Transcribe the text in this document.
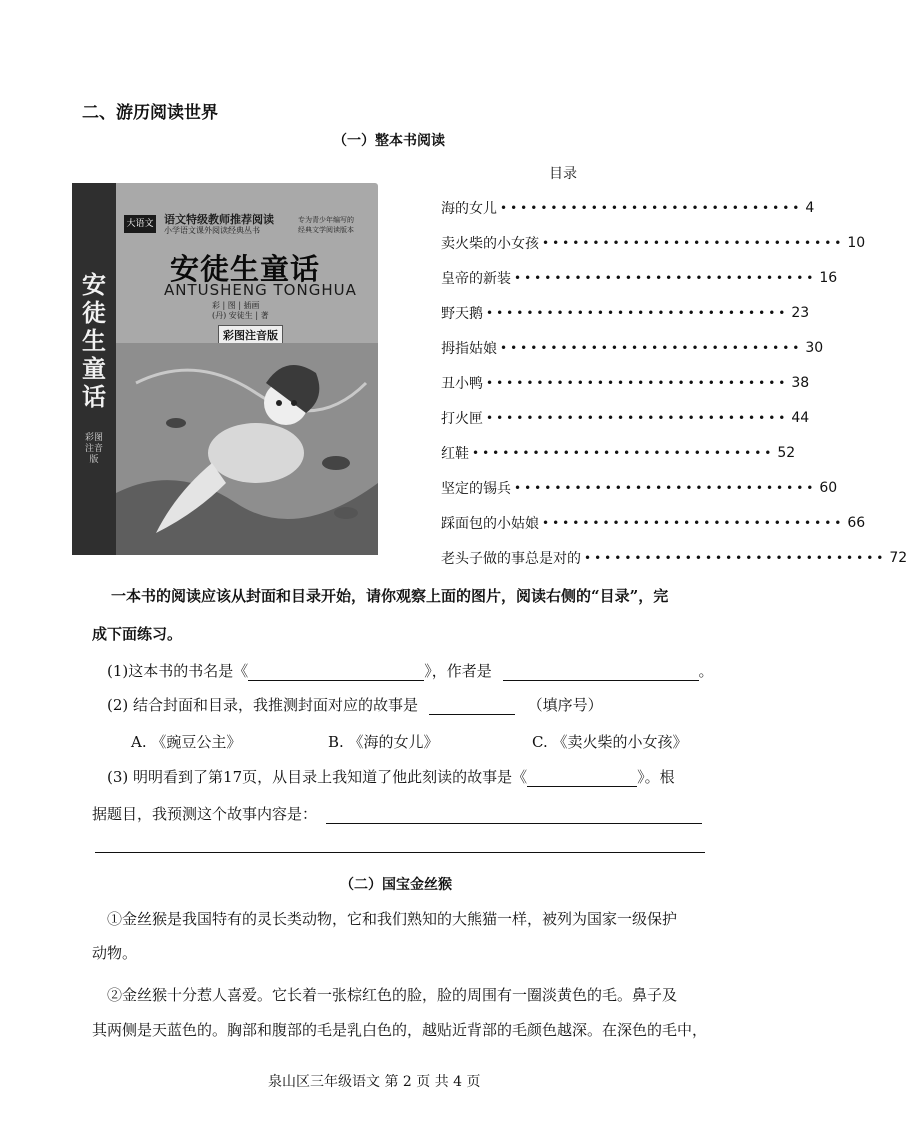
二、游历阅读世界
（一）整本书阅读
安徒生童话
彩图注音版
大语文 语文特级教师推荐阅读
小学语文课外阅读经典丛书
专为青少年编写的
经典文学阅读版本
安徒生童话
ANTUSHENG TONGHUA
彩 | 图 | 插画
(丹) 安徒生 | 著
彩图注音版
目录
海的女儿 •••••••••••••••••••••••••••••• 4
卖火柴的小女孩 •••••••••••••••••••••••••••••• 10
皇帝的新装 •••••••••••••••••••••••••••••• 16
野天鹅 •••••••••••••••••••••••••••••• 23
拇指姑娘 •••••••••••••••••••••••••••••• 30
丑小鸭 •••••••••••••••••••••••••••••• 38
打火匣 •••••••••••••••••••••••••••••• 44
红鞋 •••••••••••••••••••••••••••••• 52
坚定的锡兵 •••••••••••••••••••••••••••••• 60
踩面包的小姑娘 •••••••••••••••••••••••••••••• 66
老头子做的事总是对的 •••••••••••••••••••••••••••••• 72
一本书的阅读应该从封面和目录开始，请你观察上面的图片，阅读右侧的“目录”，完
成下面练习。
(1)这本书的书名是《	》，作者是	。
(2) 结合封面和目录，我推测封面对应的故事是	（填序号）
A. 《豌豆公主》	B. 《海的女儿》	C. 《卖火柴的小女孩》
(3) 明明看到了第17页，从目录上我知道了他此刻读的故事是《	》。根
据题目，我预测这个故事内容是：
（二）国宝金丝猴
①金丝猴是我国特有的灵长类动物，它和我们熟知的大熊猫一样，被列为国家一级保护
动物。
②金丝猴十分惹人喜爱。它长着一张棕红色的脸，脸的周围有一圈淡黄色的毛。鼻子及
其两侧是天蓝色的。胸部和腹部的毛是乳白色的，越贴近背部的毛颜色越深。在深色的毛中，
泉山区三年级语文 第 2 页 共 4 页
